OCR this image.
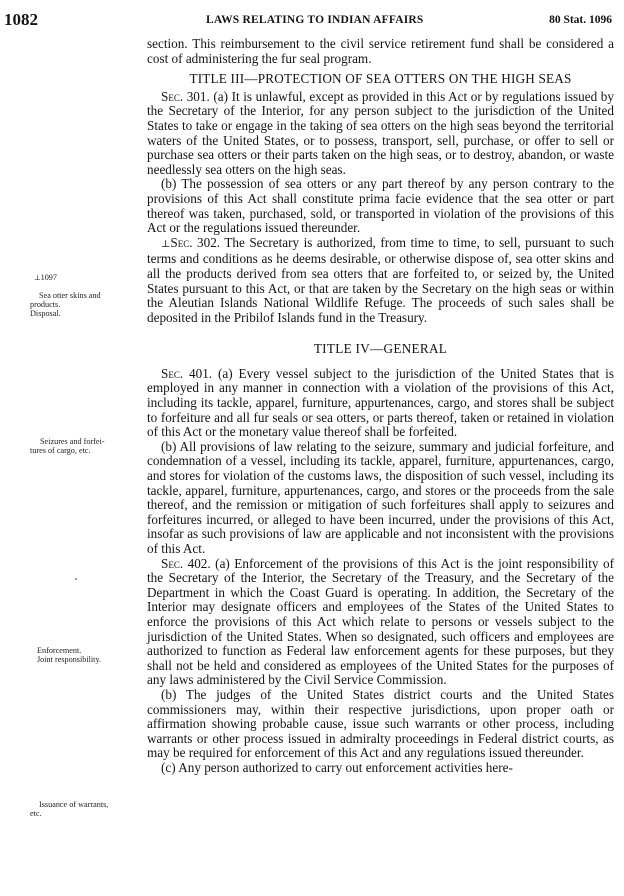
1082	LAWS RELATING TO INDIAN AFFAIRS	80 Stat. 1096
⊥1097
Sea otter skins and
products.
Disposal.
Seizures and forfei-
tures of cargo, etc.
Enforcement.
Joint responsibility.
Issuance of warrants,
etc.

section. This reimbursement to the civil service retirement fund shall be considered a cost of administering the fur seal program.

TITLE III—PROTECTION OF SEA OTTERS ON THE HIGH SEAS

Sec. 301. (a) It is unlawful, except as provided in this Act or by regulations issued by the Secretary of the Interior, for any person subject to the jurisdiction of the United States to take or engage in the taking of sea otters on the high seas beyond the territorial waters of the United States, or to possess, transport, sell, purchase, or offer to sell or purchase sea otters or their parts taken on the high seas, or to destroy, abandon, or waste needlessly sea otters on the high seas.

(b) The possession of sea otters or any part thereof by any person contrary to the provisions of this Act shall constitute prima facie evidence that the sea otter or part thereof was taken, purchased, sold, or transported in violation of the provisions of this Act or the regulations issued thereunder.

⊥Sec. 302. The Secretary is authorized, from time to time, to sell, pursuant to such terms and conditions as he deems desirable, or otherwise dispose of, sea otter skins and all the products derived from sea otters that are forfeited to, or seized by, the United States pursuant to this Act, or that are taken by the Secretary on the high seas or within the Aleutian Islands National Wildlife Refuge. The proceeds of such sales shall be deposited in the Pribilof Islands fund in the Treasury.

TITLE IV—GENERAL

Sec. 401. (a) Every vessel subject to the jurisdiction of the United States that is employed in any manner in connection with a violation of the provisions of this Act, including its tackle, apparel, furniture, appurtenances, cargo, and stores shall be subject to forfeiture and all fur seals or sea otters, or parts thereof, taken or retained in violation of this Act or the monetary value thereof shall be forfeited.

(b) All provisions of law relating to the seizure, summary and judicial forfeiture, and condemnation of a vessel, including its tackle, apparel, furniture, appurtenances, cargo, and stores for violation of the customs laws, the disposition of such vessel, including its tackle, apparel, furniture, appurtenances, cargo, and stores or the proceeds from the sale thereof, and the remission or mitigation of such forfeitures shall apply to seizures and forfeitures incurred, or alleged to have been incurred, under the provisions of this Act, insofar as such provisions of law are applicable and not inconsistent with the provisions of this Act.

Sec. 402. (a) Enforcement of the provisions of this Act is the joint responsibility of the Secretary of the Interior, the Secretary of the Treasury, and the Secretary of the Department in which the Coast Guard is operating. In addition, the Secretary of the Interior may designate officers and employees of the States of the United States to enforce the provisions of this Act which relate to persons or vessels subject to the jurisdiction of the United States. When so designated, such officers and employees are authorized to function as Federal law enforcement agents for these purposes, but they shall not be held and considered as employees of the United States for the purposes of any laws administered by the Civil Service Commission.

(b) The judges of the United States district courts and the United States commissioners may, within their respective jurisdictions, upon proper oath or affirmation showing probable cause, issue such warrants or other process, including warrants or other process issued in admiralty proceedings in Federal district courts, as may be required for enforcement of this Act and any regulations issued thereunder.

(c) Any person authorized to carry out enforcement activities here-
